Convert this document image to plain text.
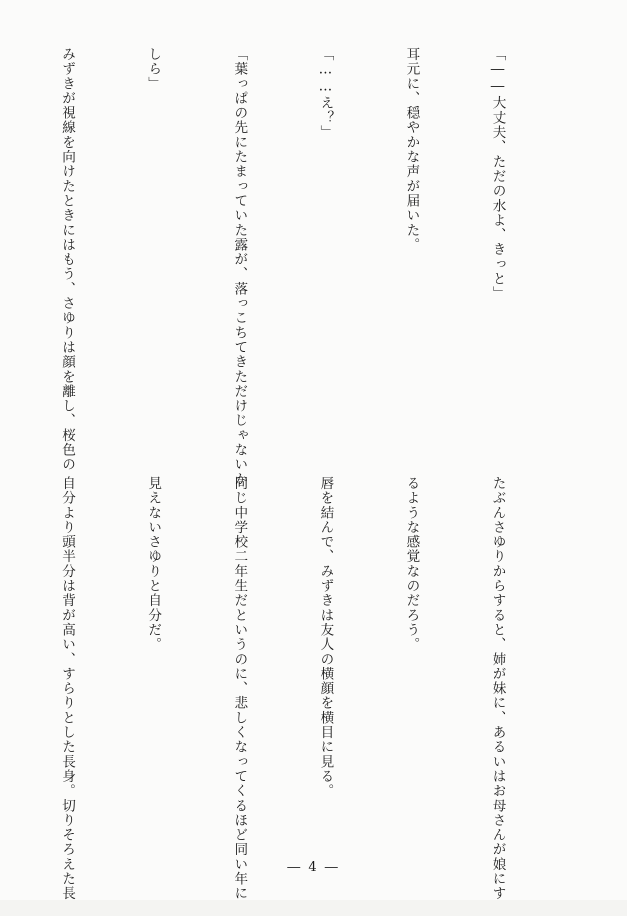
「――大丈夫、ただの水よ、きっと」

耳元に、穏やかな声が届いた。

「……え？」

「葉っぱの先にたまっていた露が、落っこちてきただけじゃないか

しら」

みずきが視線を向けたときにはもう、さゆりは顔を離し、桜色の

たぶんさゆりからすると、姉が妹に、あるいはお母さんが娘にす

るような感覚なのだろう。

唇を結んで、みずきは友人の横顔を横目に見る。

同じ中学校二年生だというのに、悲しくなってくるほど同い年に

見えないさゆりと自分だ。

自分より頭半分は背が高い、すらりとした長身。切りそろえた長

	― 4 ―
